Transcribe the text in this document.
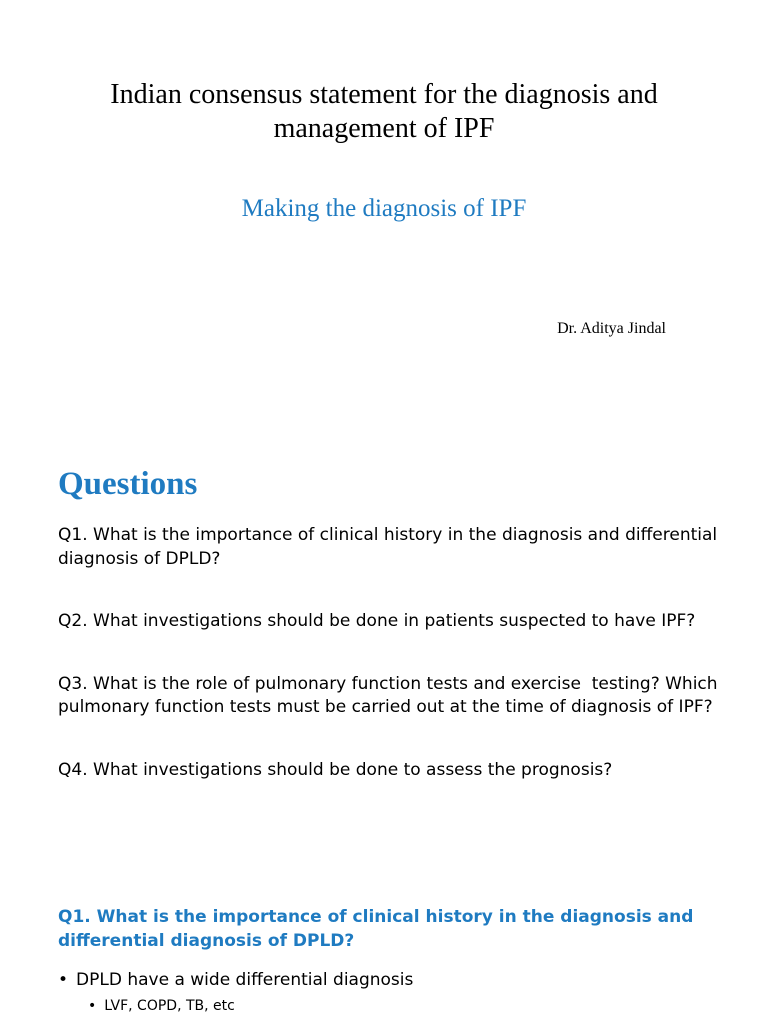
Indian consensus statement for the diagnosis and management of IPF
Making the diagnosis of IPF
Dr. Aditya Jindal
Questions
Q1. What is the importance of clinical history in the diagnosis and differential diagnosis of DPLD?
Q2. What investigations should be done in patients suspected to have IPF?
Q3. What is the role of pulmonary function tests and exercise  testing? Which pulmonary function tests must be carried out at the time of diagnosis of IPF?
Q4. What investigations should be done to assess the prognosis?
Q1. What is the importance of clinical history in the diagnosis and differential diagnosis of DPLD?
• DPLD have a wide differential diagnosis
• LVF, COPD, TB, etc
